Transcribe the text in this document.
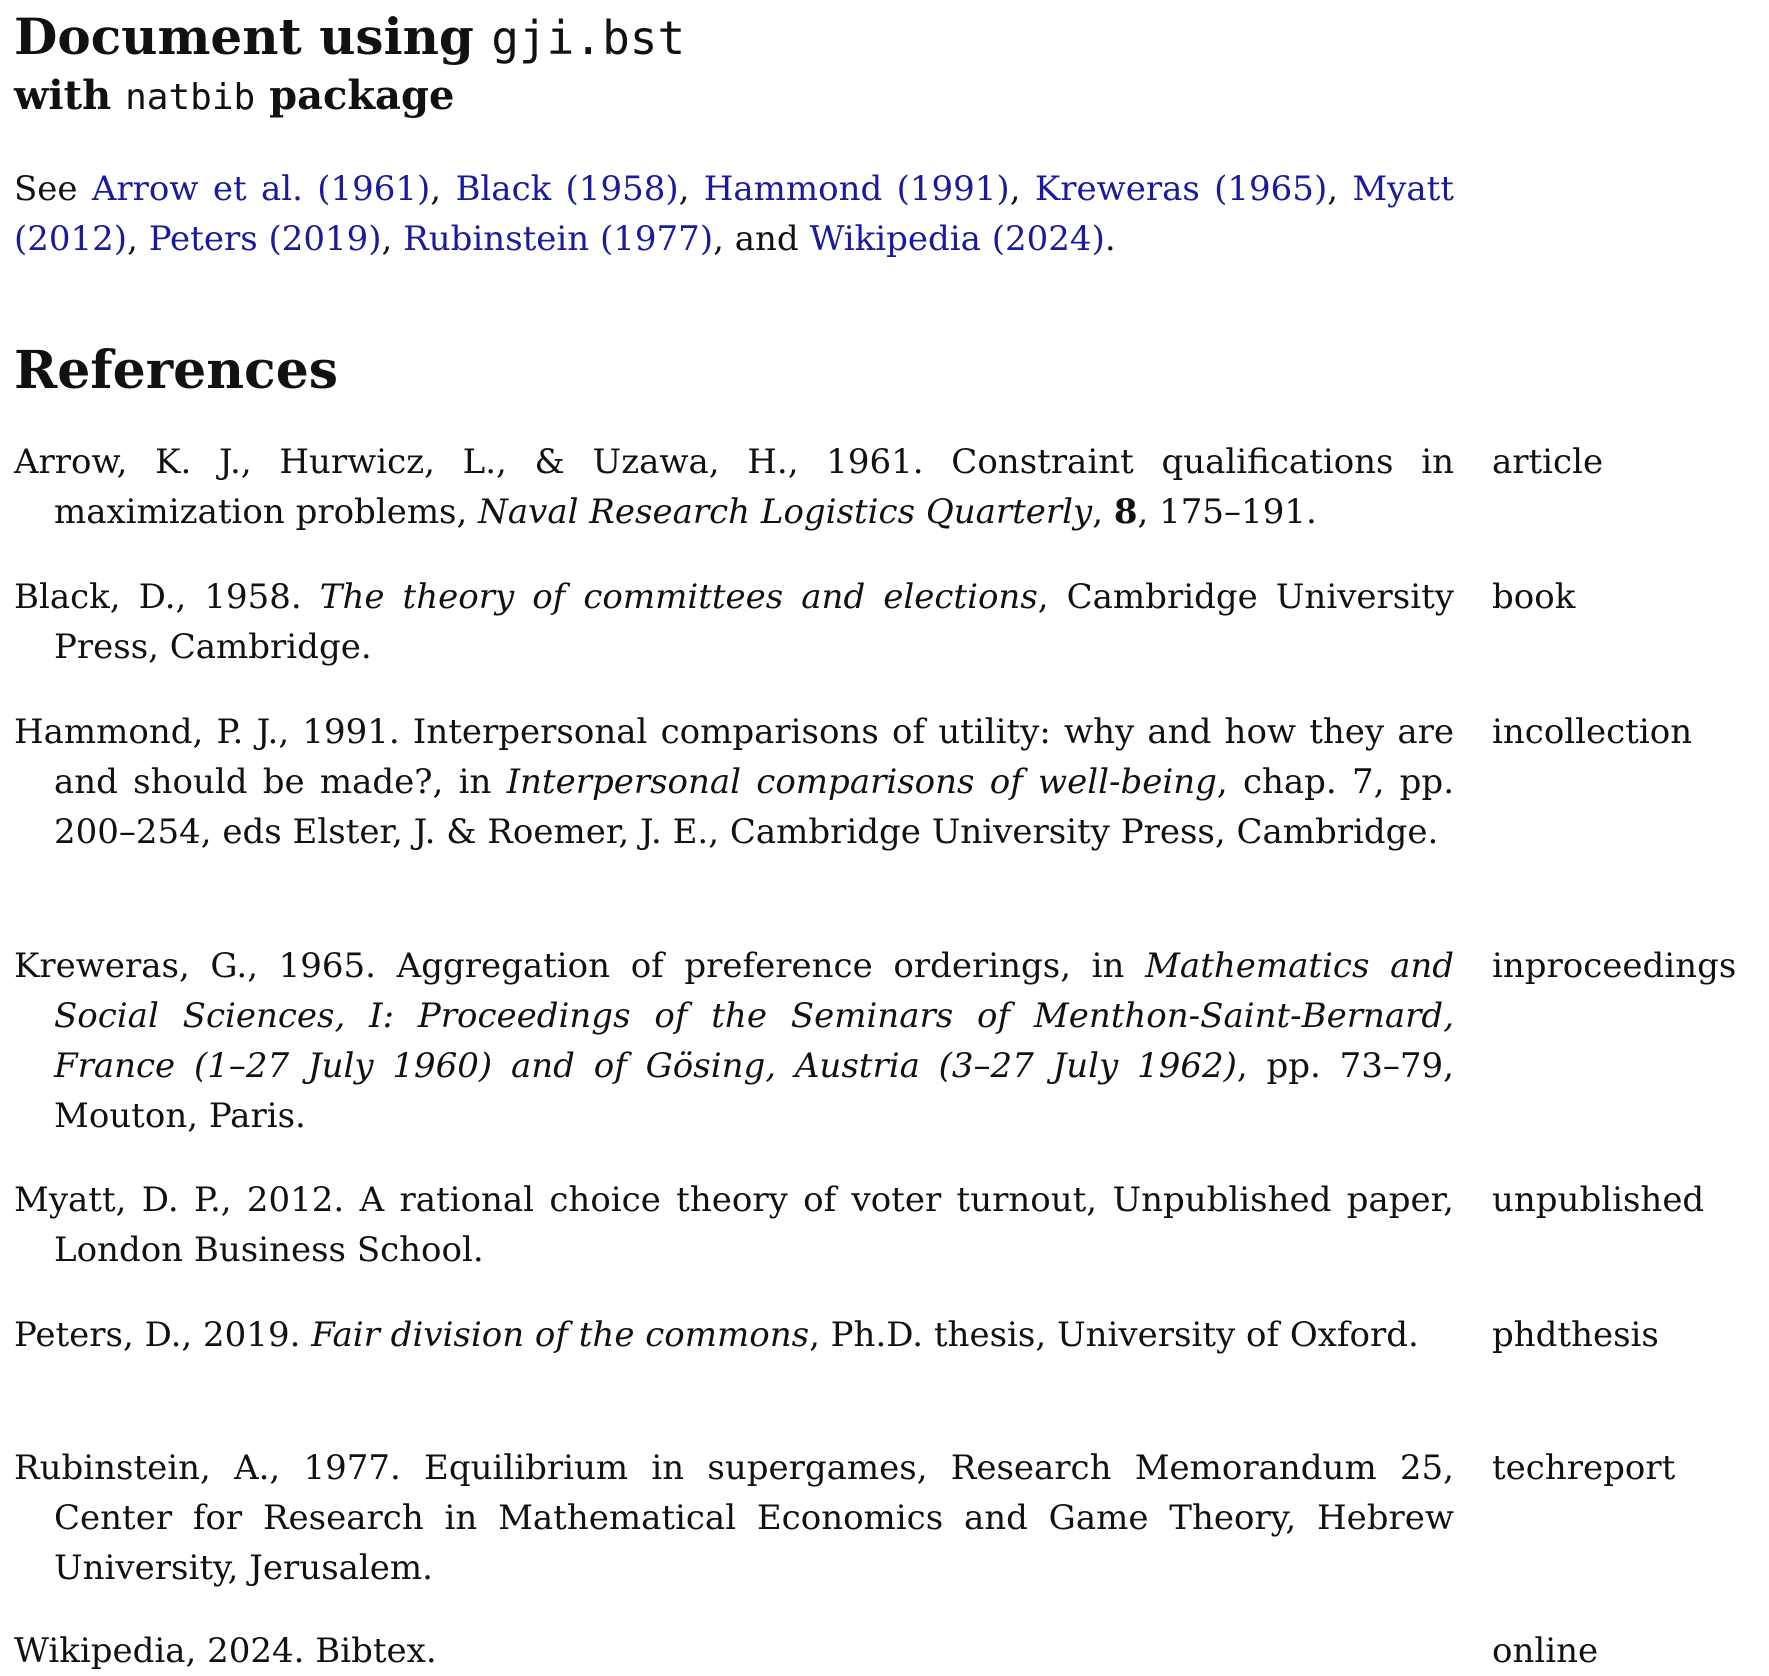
Document using gji.bst
with natbib package

See Arrow et al. (1961), Black (1958), Hammond (1991), Kreweras (1965), Myatt (2012), Peters (2019), Rubinstein (1977), and Wikipedia (2024).

References

Arrow, K. J., Hurwicz, L., & Uzawa, H., 1961. Constraint qualifications in maximization problems, Naval Research Logistics Quarterly, 8, 175–191.

article

Black, D., 1958. The theory of committees and elections, Cambridge University Press, Cambridge.

book

Hammond, P. J., 1991. Interpersonal comparisons of utility: why and how they are and should be made?, in Interpersonal comparisons of well-being, chap. 7, pp. 200–254, eds Elster, J. & Roemer, J. E., Cambridge University Press, Cambridge.

incollection

Kreweras, G., 1965. Aggregation of preference orderings, in Mathematics and Social Sciences, I: Proceedings of the Seminars of Menthon-Saint-Bernard, France (1–27 July 1960) and of Gösing, Austria (3–27 July 1962), pp. 73–79, Mouton, Paris.

inproceedings

Myatt, D. P., 2012. A rational choice theory of voter turnout, Unpublished paper, London Business School.

unpublished

Peters, D., 2019. Fair division of the commons, Ph.D. thesis, University of Oxford.	phdthesis

Rubinstein, A., 1977. Equilibrium in supergames, Research Memorandum 25, Center for Research in Mathematical Economics and Game Theory, Hebrew University, Jerusalem.

techreport

Wikipedia, 2024. Bibtex.	online
